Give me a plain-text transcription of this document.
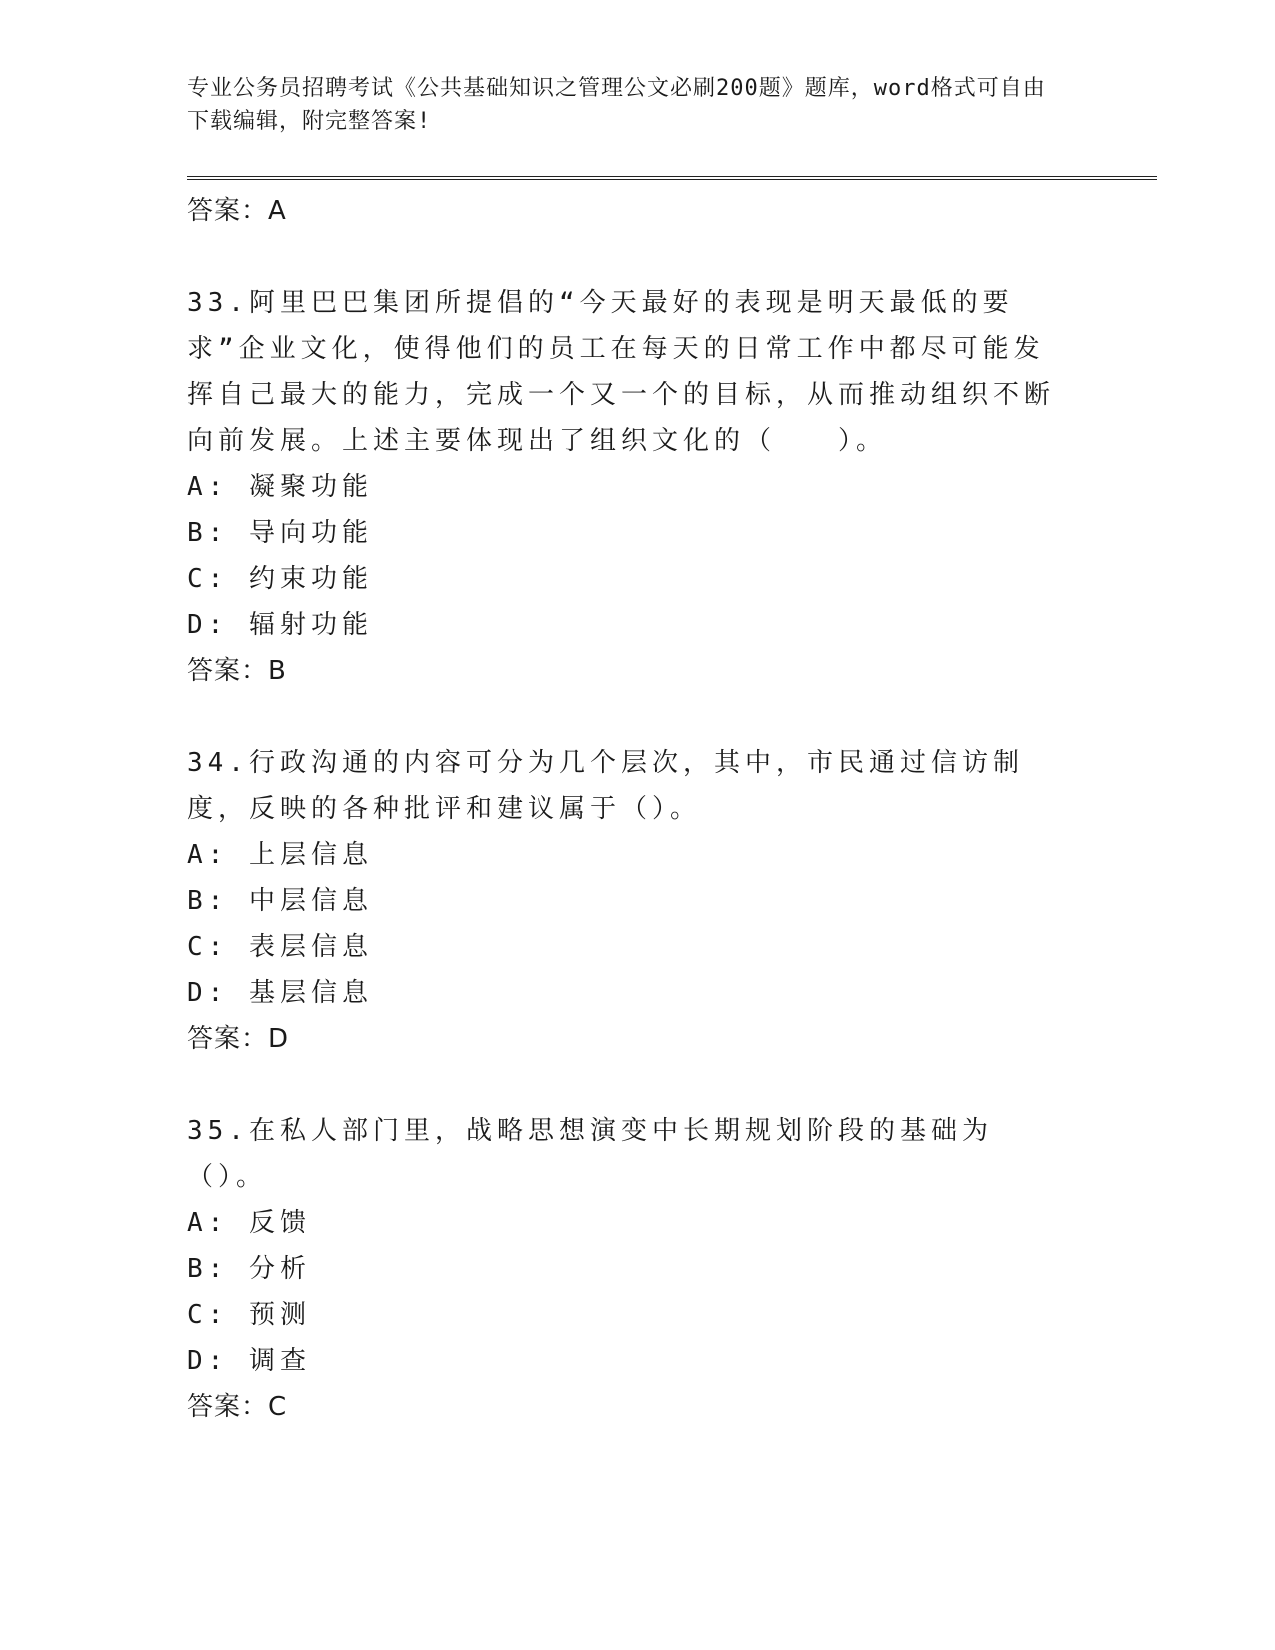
专业公务员招聘考试《公共基础知识之管理公文必刷200题》题库，word格式可自由下载编辑，附完整答案!

答案：A

33.阿里巴巴集团所提倡的“今天最好的表现是明天最低的要求”企业文化，使得他们的员工在每天的日常工作中都尽可能发挥自己最大的能力，完成一个又一个的目标，从而推动组织不断向前发展。上述主要体现出了组织文化的（　　）。

A: 凝聚功能

B: 导向功能

C: 约束功能

D: 辐射功能

答案：B

34.行政沟通的内容可分为几个层次，其中，市民通过信访制度，反映的各种批评和建议属于（）。

A: 上层信息

B: 中层信息

C: 表层信息

D: 基层信息

答案：D

35.在私人部门里，战略思想演变中长期规划阶段的基础为（）。

A: 反馈

B: 分析

C: 预测

D: 调查

答案：C
